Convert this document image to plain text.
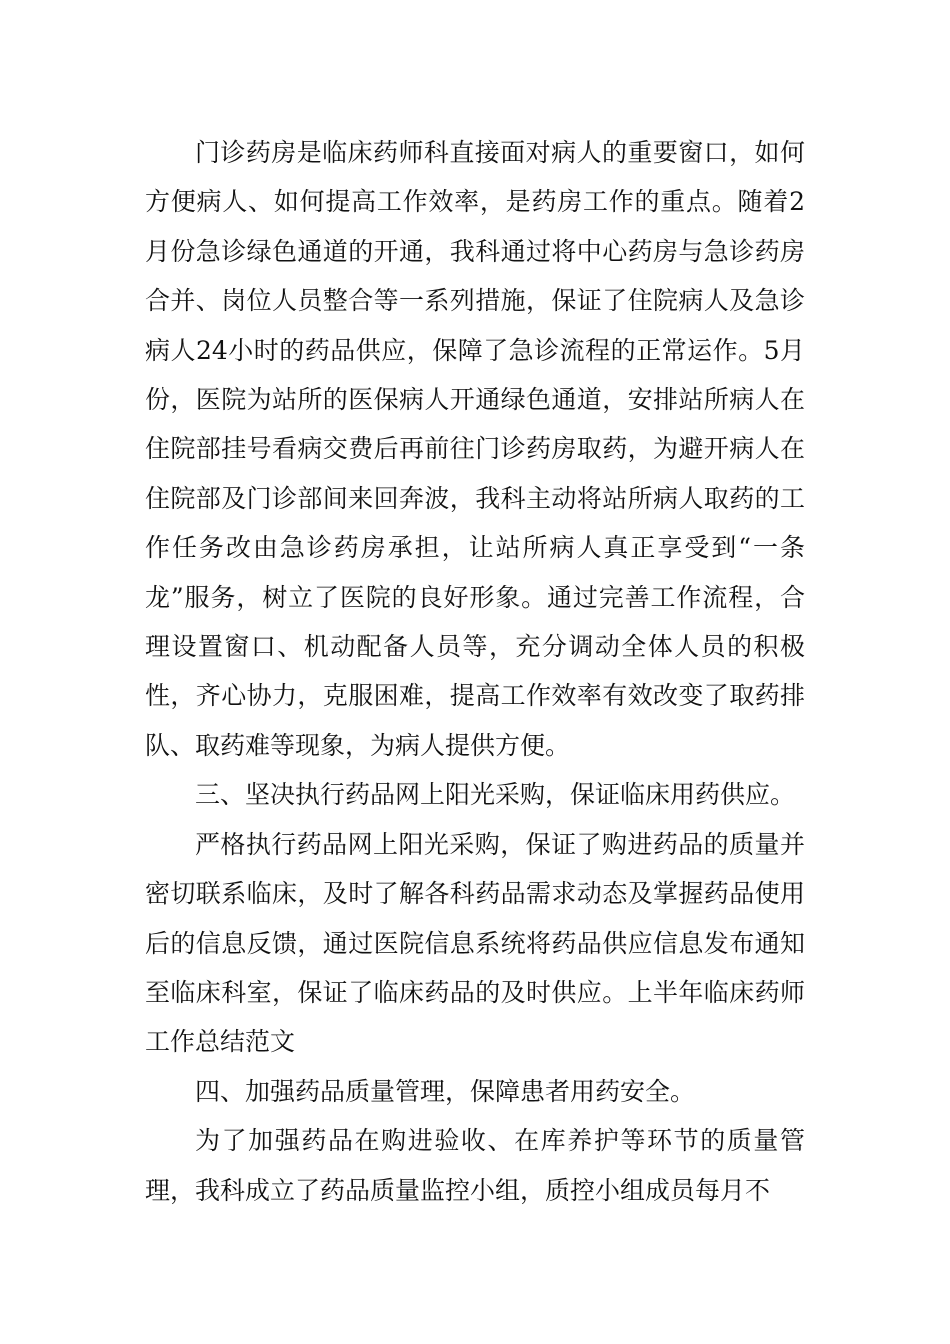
门诊药房是临床药师科直接面对病人的重要窗口，如何方便病人、如何提高工作效率，是药房工作的重点。随着2月份急诊绿色通道的开通，我科通过将中心药房与急诊药房合并、岗位人员整合等一系列措施，保证了住院病人及急诊病人24小时的药品供应，保障了急诊流程的正常运作。5月份，医院为站所的医保病人开通绿色通道，安排站所病人在住院部挂号看病交费后再前往门诊药房取药，为避开病人在住院部及门诊部间来回奔波，我科主动将站所病人取药的工作任务改由急诊药房承担，让站所病人真正享受到“一条龙”服务，树立了医院的良好形象。通过完善工作流程，合理设置窗口、机动配备人员等，充分调动全体人员的积极性，齐心协力，克服困难，提高工作效率有效改变了取药排队、取药难等现象，为病人提供方便。

三、坚决执行药品网上阳光采购，保证临床用药供应。

严格执行药品网上阳光采购，保证了购进药品的质量并密切联系临床，及时了解各科药品需求动态及掌握药品使用后的信息反馈，通过医院信息系统将药品供应信息发布通知至临床科室，保证了临床药品的及时供应。上半年临床药师工作总结范文

四、加强药品质量管理，保障患者用药安全。

为了加强药品在购进验收、在库养护等环节的质量管理，我科成立了药品质量监控小组，质控小组成员每月不
